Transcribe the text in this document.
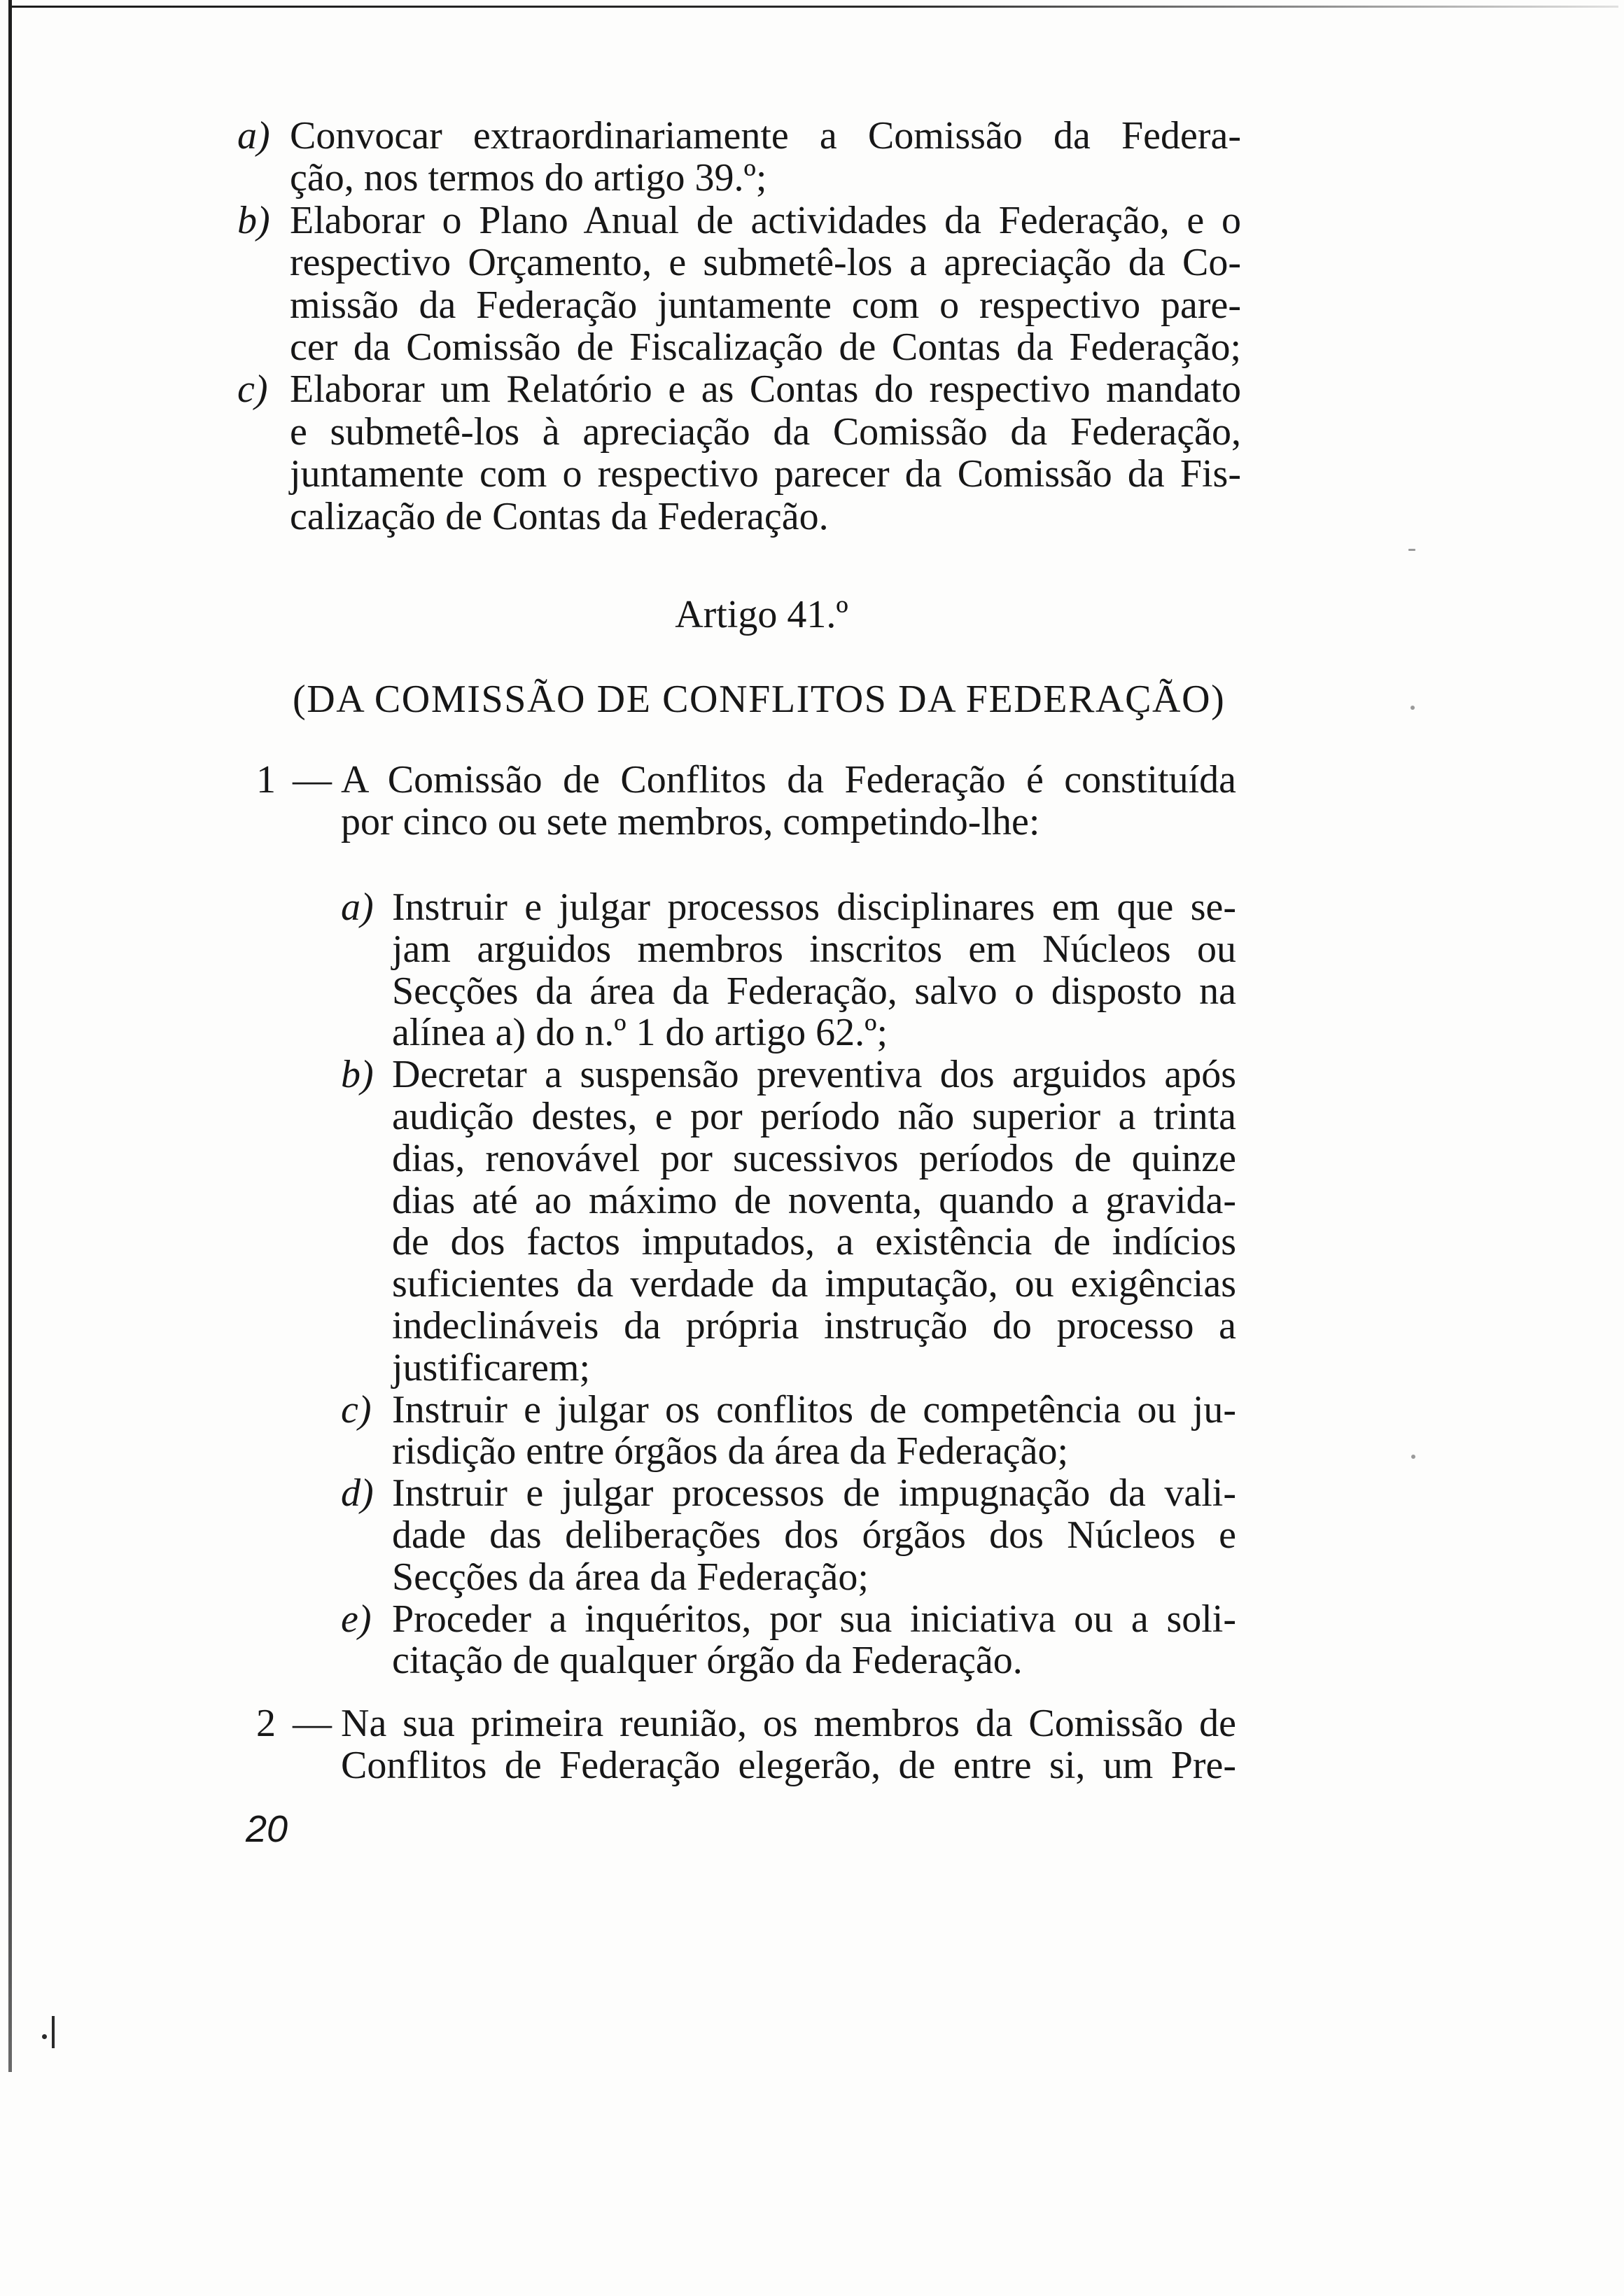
a) Convocar extraordinariamente a Comissão da Federa-
ção, nos termos do artigo 39.º;
b) Elaborar o Plano Anual de actividades da Federação, e o
respectivo Orçamento, e submetê-los a apreciação da Co-
missão da Federação juntamente com o respectivo pare-
cer da Comissão de Fiscalização de Contas da Federação;
c) Elaborar um Relatório e as Contas do respectivo mandato
e submetê-los à apreciação da Comissão da Federação,
juntamente com o respectivo parecer da Comissão da Fis-
calização de Contas da Federação.
Artigo 41.º
(DA COMISSÃO DE CONFLITOS DA FEDERAÇÃO)
1 — A Comissão de Conflitos da Federação é constituída
por cinco ou sete membros, competindo-lhe:
a) Instruir e julgar processos disciplinares em que se-
jam arguidos membros inscritos em Núcleos ou
Secções da área da Federação, salvo o disposto na
alínea a) do n.º 1 do artigo 62.º;
b) Decretar a suspensão preventiva dos arguidos após
audição destes, e por período não superior a trinta
dias, renovável por sucessivos períodos de quinze
dias até ao máximo de noventa, quando a gravida-
de dos factos imputados, a existência de indícios
suficientes da verdade da imputação, ou exigências
indeclináveis da própria instrução do processo a
justificarem;
c) Instruir e julgar os conflitos de competência ou ju-
risdição entre órgãos da área da Federação;
d) Instruir e julgar processos de impugnação da vali-
dade das deliberações dos órgãos dos Núcleos e
Secções da área da Federação;
e) Proceder a inquéritos, por sua iniciativa ou a soli-
citação de qualquer órgão da Federação.
2 — Na sua primeira reunião, os membros da Comissão de
Conflitos de Federação elegerão, de entre si, um Pre-
20
